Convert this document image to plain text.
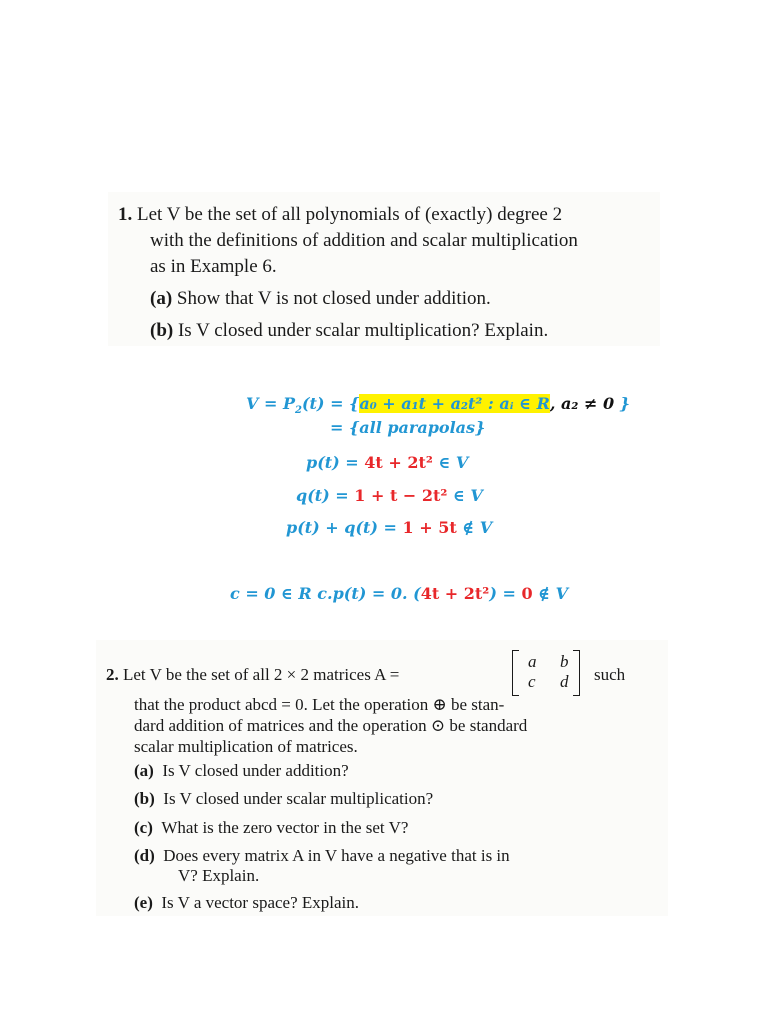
1. Let V be the set of all polynomials of (exactly) degree 2
with the definitions of addition and scalar multiplication
as in Example 6.
(a) Show that V is not closed under addition.
(b) Is V closed under scalar multiplication? Explain.
$V = P_2(t) = \{a_0 + a_1t + a_2t^2$ : aᵢ ∈ R, a₂ ≠ 0 }
= {all parapolas}
p(t) = 4t + 2t² ∈ V
q(t) = 1 + t − 2t² ∈ V
p(t) + q(t) = 1 + 5t ∉ V
c = 0 ∈ R c.p(t) = 0. (4t + 2t²) = 0 ∉ V
2. Let V be the set of all 2 × 2 matrices A =
a b
c d such
that the product abcd = 0. Let the operation ⊕ be stan-
dard addition of matrices and the operation ⊙ be standard
scalar multiplication of matrices.
(a) Is V closed under addition?
(b) Is V closed under scalar multiplication?
(c) What is the zero vector in the set V?
(d) Does every matrix A in V have a negative that is in
V? Explain.
(e) Is V a vector space? Explain.
